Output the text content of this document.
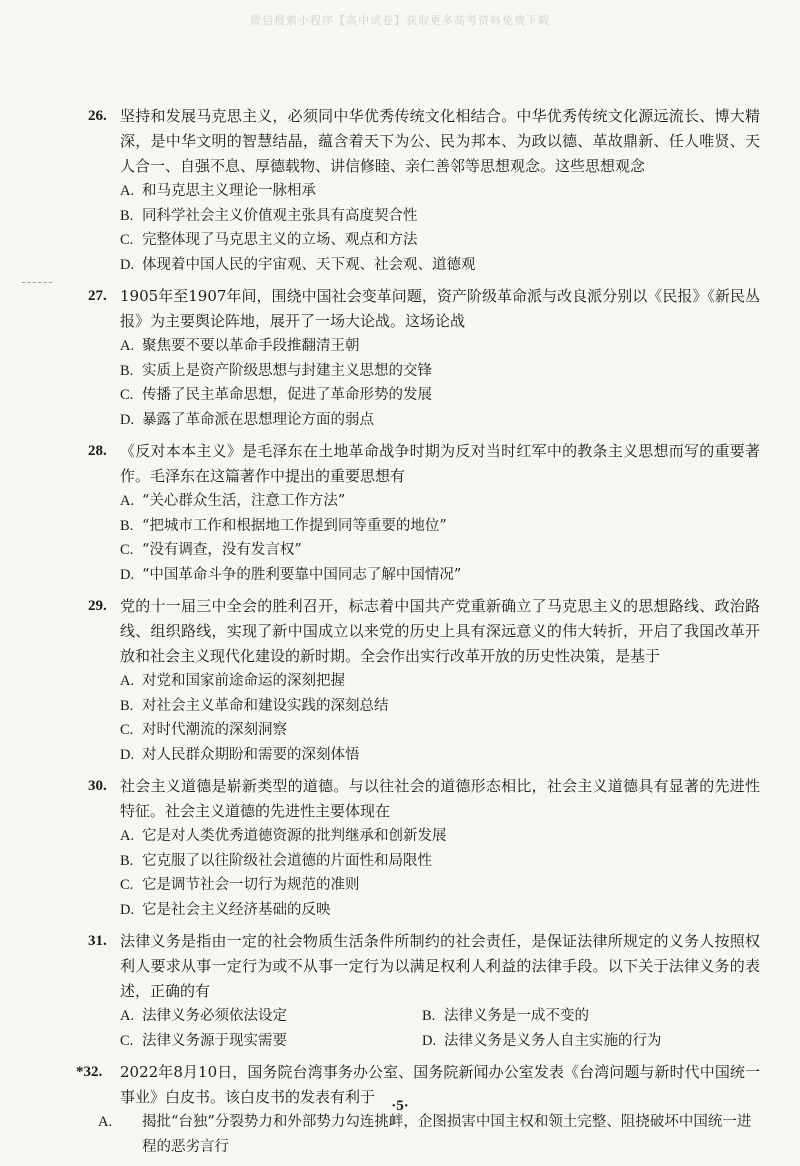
微信搜索小程序【高中试卷】获取更多高考资料免费下载
26. 坚持和发展马克思主义，必须同中华优秀传统文化相结合。中华优秀传统文化源远流长、博大精深，是中华文明的智慧结晶，蕴含着天下为公、民为邦本、为政以德、革故鼎新、任人唯贤、天人合一、自强不息、厚德载物、讲信修睦、亲仁善邻等思想观念。这些思想观念
A. 和马克思主义理论一脉相承
B. 同科学社会主义价值观主张具有高度契合性
C. 完整体现了马克思主义的立场、观点和方法
D. 体现着中国人民的宇宙观、天下观、社会观、道德观
27. 1905年至1907年间，围绕中国社会变革问题，资产阶级革命派与改良派分别以《民报》《新民丛报》为主要舆论阵地，展开了一场大论战。这场论战
A. 聚焦要不要以革命手段推翻清王朝
B. 实质上是资产阶级思想与封建主义思想的交锋
C. 传播了民主革命思想，促进了革命形势的发展
D. 暴露了革命派在思想理论方面的弱点
28. 《反对本本主义》是毛泽东在土地革命战争时期为反对当时红军中的教条主义思想而写的重要著作。毛泽东在这篇著作中提出的重要思想有
A. “关心群众生活，注意工作方法”
B. “把城市工作和根据地工作提到同等重要的地位”
C. “没有调查，没有发言权”
D. “中国革命斗争的胜利要靠中国同志了解中国情况”
29. 党的十一届三中全会的胜利召开，标志着中国共产党重新确立了马克思主义的思想路线、政治路线、组织路线，实现了新中国成立以来党的历史上具有深远意义的伟大转折，开启了我国改革开放和社会主义现代化建设的新时期。全会作出实行改革开放的历史性决策，是基于
A. 对党和国家前途命运的深刻把握
B. 对社会主义革命和建设实践的深刻总结
C. 对时代潮流的深刻洞察
D. 对人民群众期盼和需要的深刻体悟
30. 社会主义道德是崭新类型的道德。与以往社会的道德形态相比，社会主义道德具有显著的先进性特征。社会主义道德的先进性主要体现在
A. 它是对人类优秀道德资源的批判继承和创新发展
B. 它克服了以往阶级社会道德的片面性和局限性
C. 它是调节社会一切行为规范的准则
D. 它是社会主义经济基础的反映
31. 法律义务是指由一定的社会物质生活条件所制约的社会责任，是保证法律所规定的义务人按照权利人要求从事一定行为或不从事一定行为以满足权利人利益的法律手段。以下关于法律义务的表述，正确的有
A. 法律义务必须依法设定	B. 法律义务是一成不变的
C. 法律义务源于现实需要	D. 法律义务是义务人自主实施的行为
*32. 2022年8月10日，国务院台湾事务办公室、国务院新闻办公室发表《台湾问题与新时代中国统一事业》白皮书。该白皮书的发表有利于
A. 揭批“台独”分裂势力和外部势力勾连挑衅，企图损害中国主权和领土完整、阻挠破坏中国统一进程的恶劣言行
·5·
